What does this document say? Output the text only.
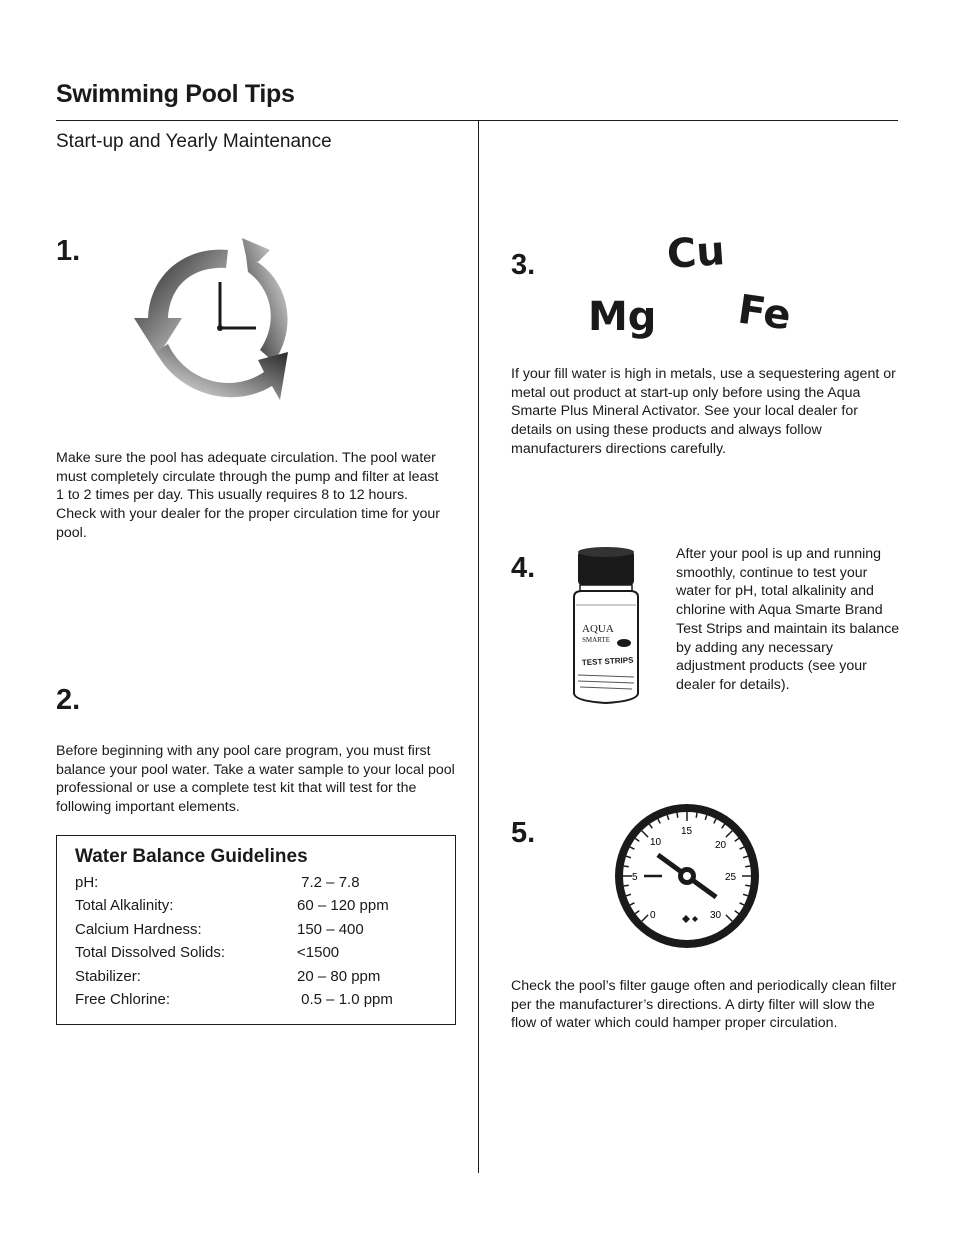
Swimming Pool Tips
Start-up and Yearly Maintenance
1.
Make sure the pool has adequate circulation. The pool water must completely circulate through the pump and filter at least 1 to 2 times per day. This usually requires 8 to 12 hours. Check with your dealer for the proper circulation time for your pool.
2.
Before beginning with any pool care program, you must first balance your pool water. Take a water sample to your local pool professional or use a complete test kit that will test for the following important elements.
Water Balance Guidelines
pH:	7.2 – 7.8
Total Alkalinity:	60 – 120 ppm
Calcium Hardness:	150 – 400
Total Dissolved Solids:	<1500
Stabilizer:	20 – 80 ppm
Free Chlorine:	0.5 – 1.0 ppm
3.	Cu
Mg Fe
If your fill water is high in metals, use a sequestering agent or metal out product at start-up only before using the Aqua Smarte Plus Mineral Activator. See your local dealer for details on using these products and always follow manufacturers directions carefully.
4.
AQUA
SMARTE
TEST STRIPS
After your pool is up and running smoothly, continue to test your water for pH, total alkalinity and chlorine with Aqua Smarte Brand Test Strips and maintain its balance by adding any necessary adjustment products (see your dealer for details).
5.	15
10	20
5	25
0	30
Check the pool’s filter gauge often and periodically clean filter per the manufacturer’s directions. A dirty filter will slow the flow of water which could hamper proper circulation.
